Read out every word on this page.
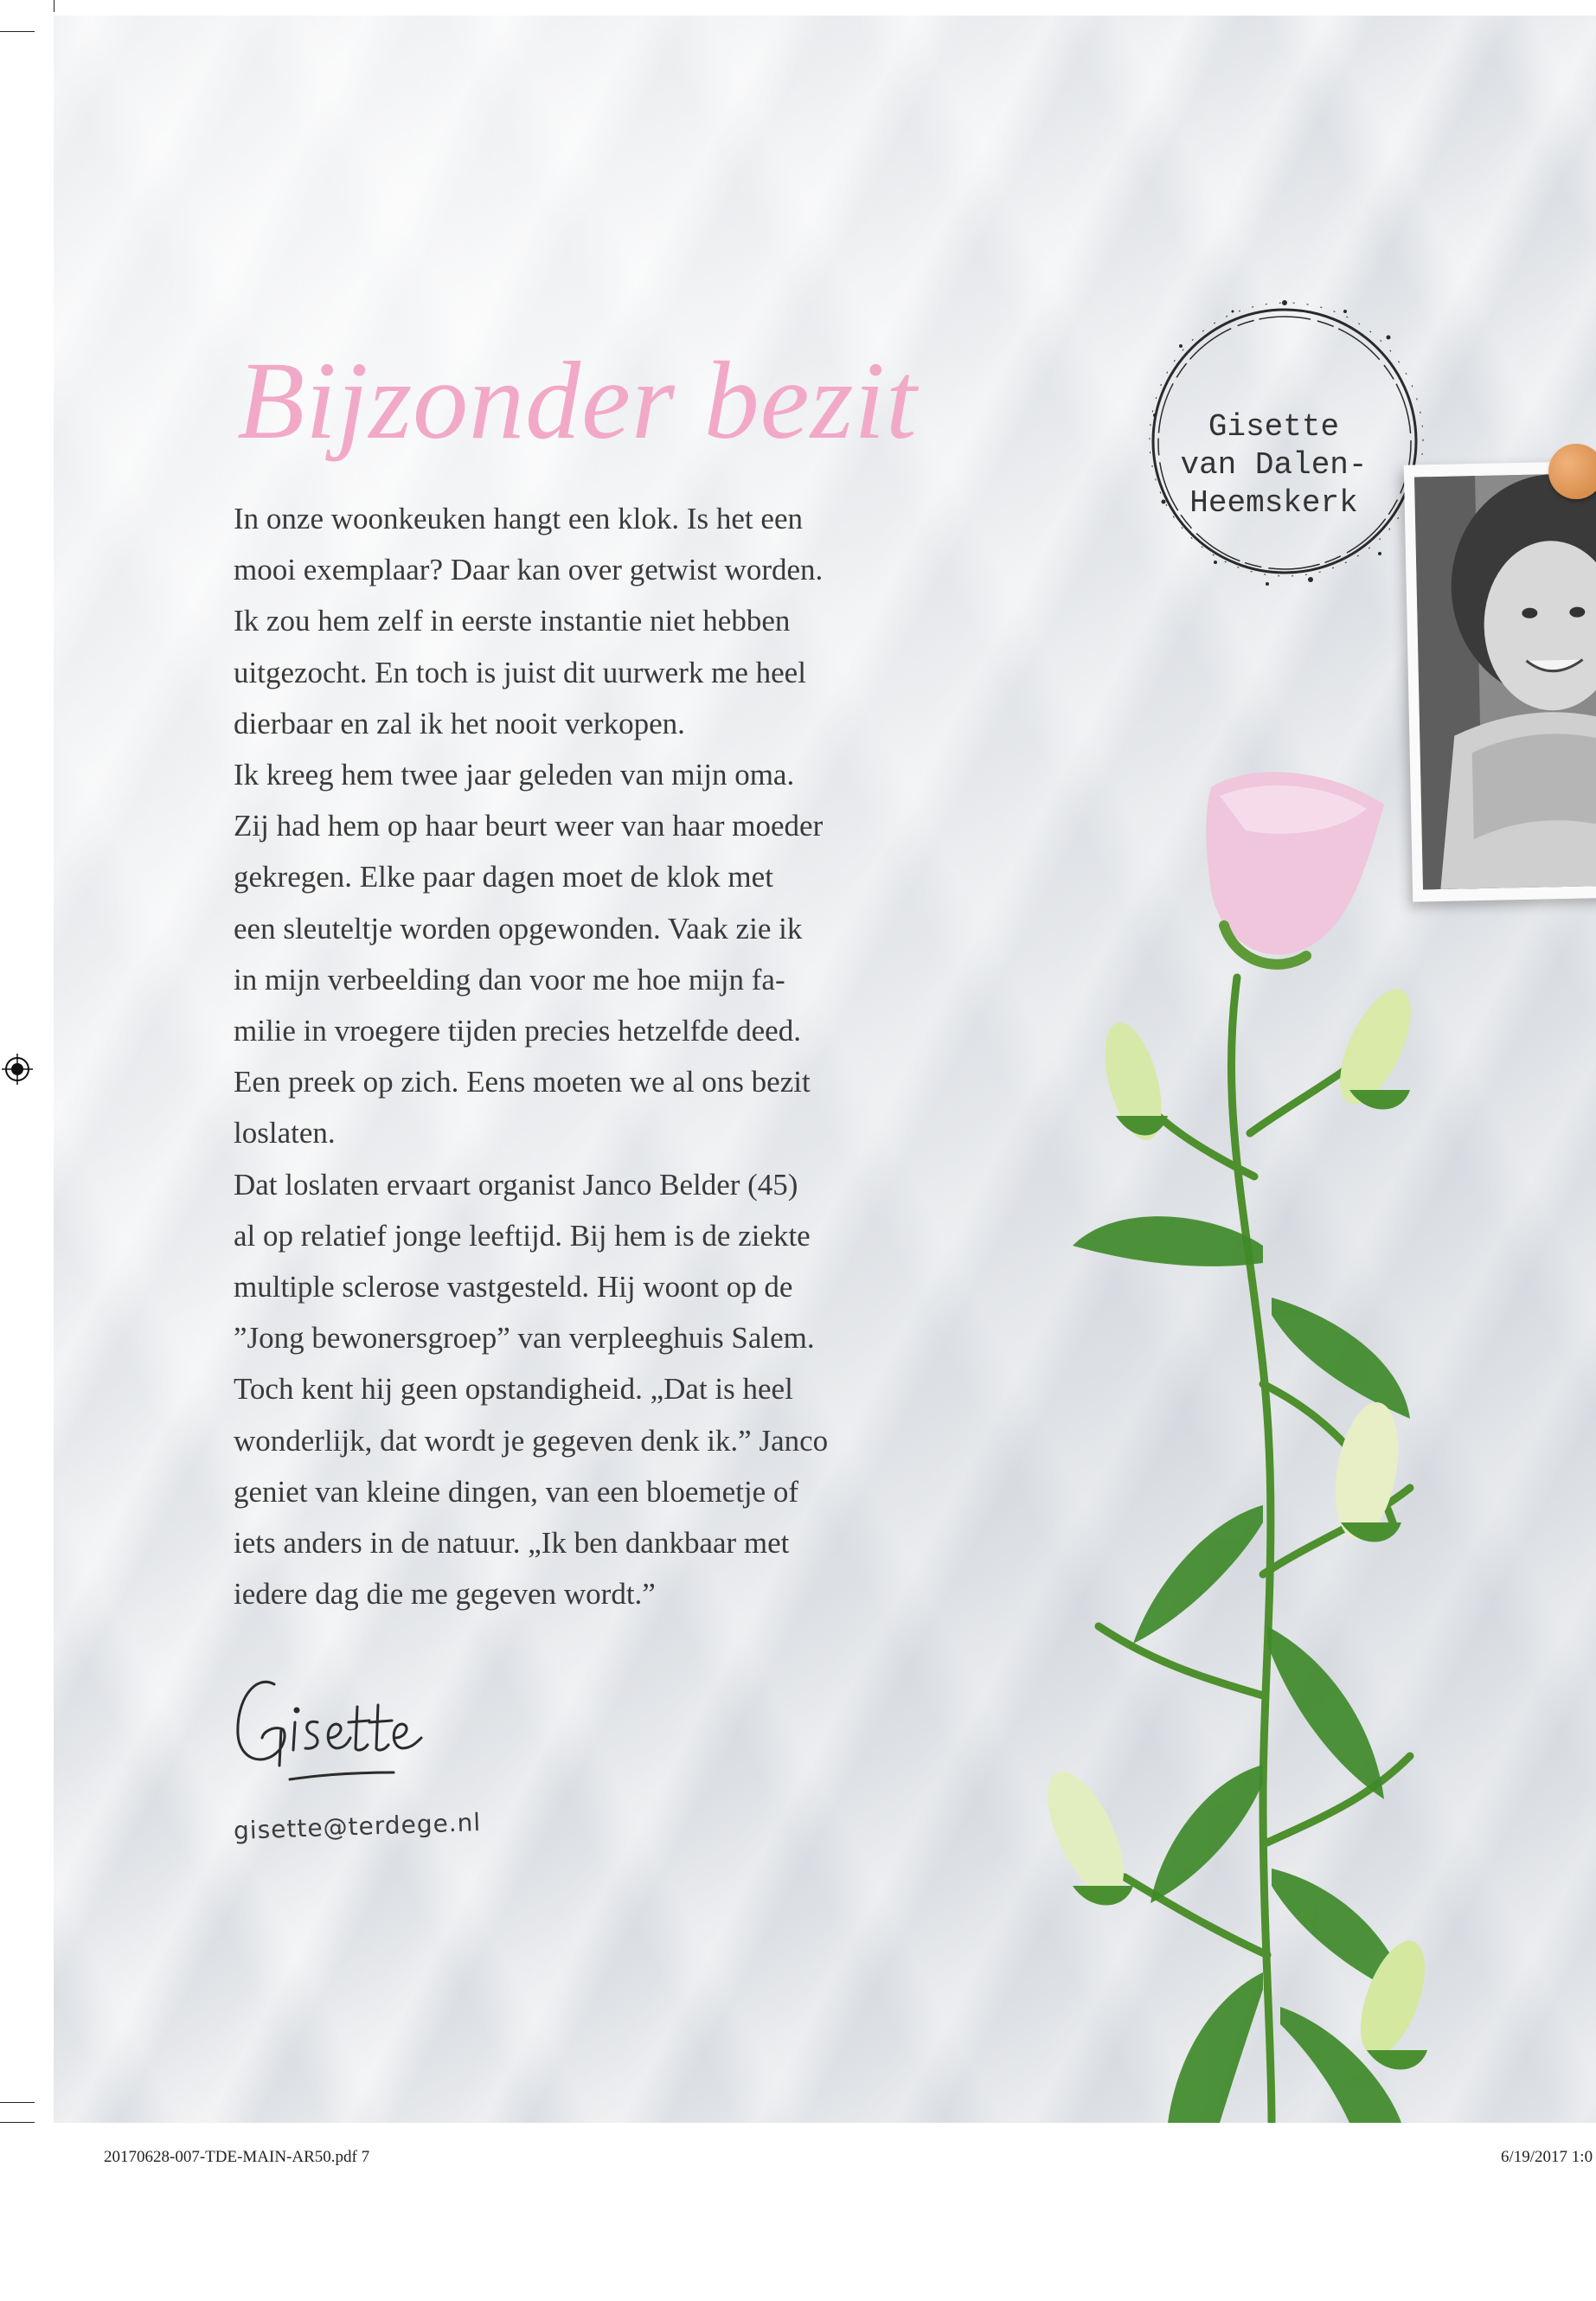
Bijzonder bezit
In onze woonkeuken hangt een klok. Is het een
mooi exemplaar? Daar kan over getwist worden.
Ik zou hem zelf in eerste instantie niet hebben
uitgezocht. En toch is juist dit uurwerk me heel
dierbaar en zal ik het nooit verkopen.
Ik kreeg hem twee jaar geleden van mijn oma.
Zij had hem op haar beurt weer van haar moeder
gekregen. Elke paar dagen moet de klok met
een sleuteltje worden opgewonden. Vaak zie ik
in mijn verbeelding dan voor me hoe mijn fa-
milie in vroegere tijden precies hetzelfde deed.
Een preek op zich. Eens moeten we al ons bezit
loslaten.
Dat loslaten ervaart organist Janco Belder (45)
al op relatief jonge leeftijd. Bij hem is de ziekte
multiple sclerose vastgesteld. Hij woont op de
”Jong bewonersgroep” van verpleeghuis Salem.
Toch kent hij geen opstandigheid. „Dat is heel
wonderlijk, dat wordt je gegeven denk ik.” Janco
geniet van kleine dingen, van een bloemetje of
iets anders in de natuur. „Ik ben dankbaar met
iedere dag die me gegeven wordt.”
gisette@terdege.nl
Gisette
van Dalen-
Heemskerk
20170628-007-TDE-MAIN-AR50.pdf 7	6/19/2017 1:0
